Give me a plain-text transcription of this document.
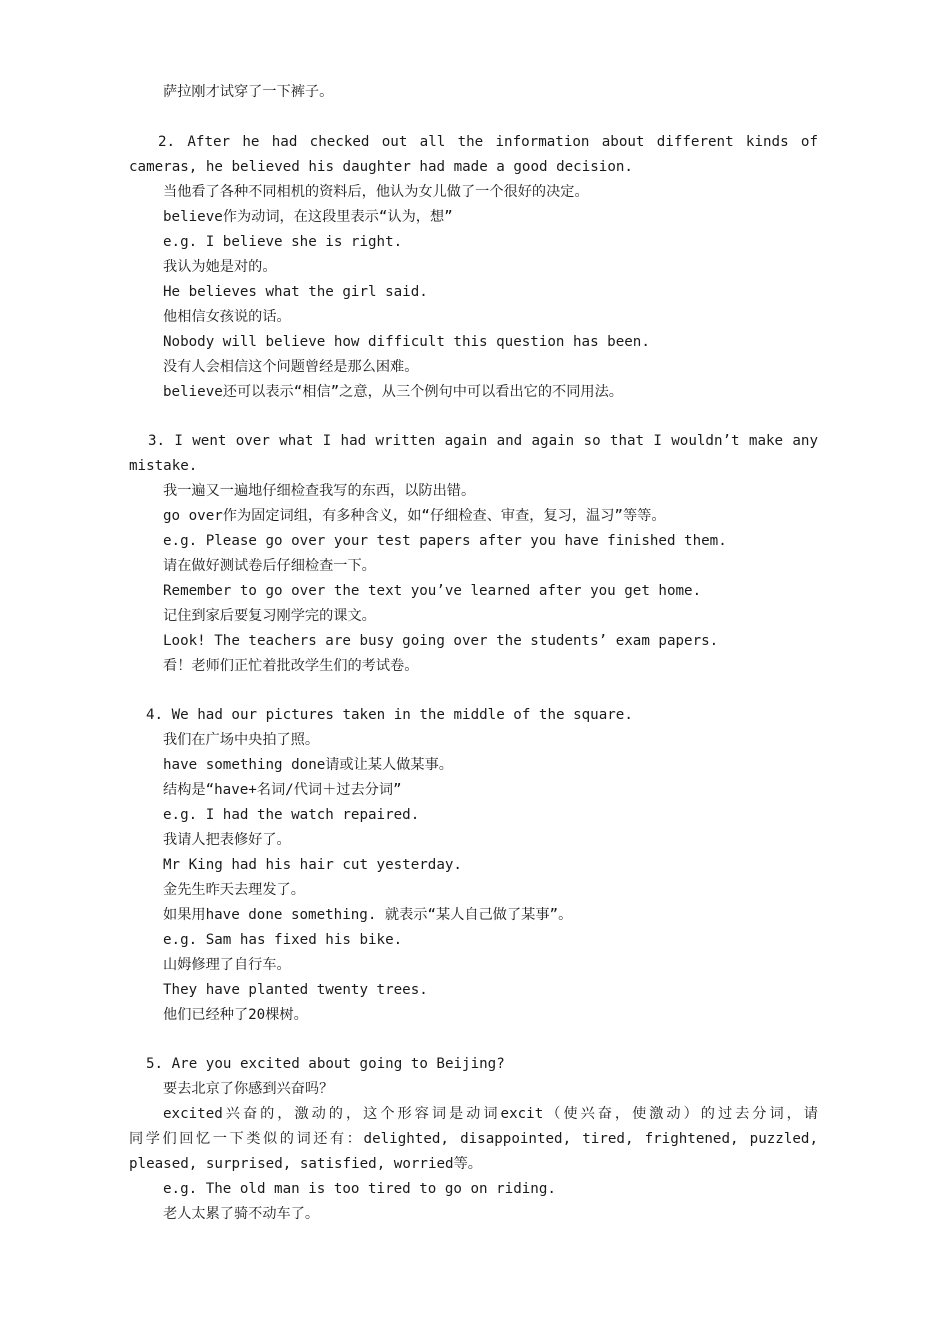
萨拉刚才试穿了一下裤子。
2. After he had checked out all the information about different kinds of
cameras, he believed his daughter had made a good decision.
当他看了各种不同相机的资料后，他认为女儿做了一个很好的决定。
believe作为动词，在这段里表示“认为，想”
e.g. I believe she is right.
我认为她是对的。
He believes what the girl said.
他相信女孩说的话。
Nobody will believe how difficult this question has been.
没有人会相信这个问题曾经是那么困难。
believe还可以表示“相信”之意，从三个例句中可以看出它的不同用法。
3. I went over what I had written again and again so that I wouldn’t make any
mistake.
我一遍又一遍地仔细检查我写的东西，以防出错。
go over作为固定词组，有多种含义，如“仔细检查、审查，复习，温习”等等。
e.g. Please go over your test papers after you have finished them.
请在做好测试卷后仔细检查一下。
Remember to go over the text you’ve learned after you get home.
记住到家后要复习刚学完的课文。
Look! The teachers are busy going over the students’ exam papers.
看！老师们正忙着批改学生们的考试卷。
4. We had our pictures taken in the middle of the square.
我们在广场中央拍了照。
have something done请或让某人做某事。
结构是“have+名词/代词＋过去分词”
e.g. I had the watch repaired.
我请人把表修好了。
Mr King had his hair cut yesterday.
金先生昨天去理发了。
如果用have done something. 就表示“某人自己做了某事”。
e.g. Sam has fixed his bike.
山姆修理了自行车。
They have planted twenty trees.
他们已经种了20棵树。
5. Are you excited about going to Beijing?
要去北京了你感到兴奋吗？
excited兴奋的，激动的，这个形容词是动词excit（使兴奋，使激动）的过去分词，请
同学们回忆一下类似的词还有：delighted, disappointed, tired, frightened, puzzled,
pleased, surprised, satisfied, worried等。
e.g. The old man is too tired to go on riding.
老人太累了骑不动车了。
